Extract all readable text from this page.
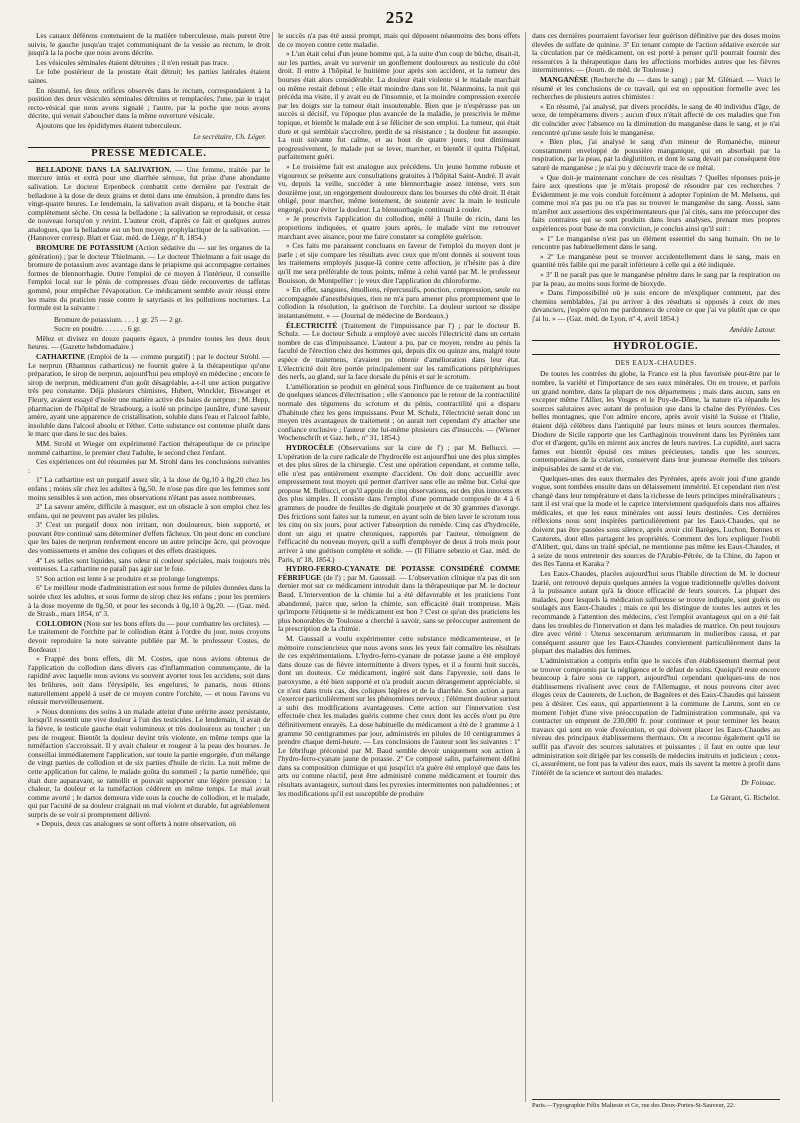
252

Les canaux déférens contenaient de la matière tuberculeuse, mais purent être suivis, le gauche jusqu'au trajet communiquant de la vessie au rectum, le droit jusqu'à la la poche que nous avons décrite.

Les vésicules séminales étaient détruites ; il n'en restait pas trace.

Le lobe postérieur de la prostate était détruit; les parties latérales étaient saines.

En résumé, les deux orifices observés dans le rectum, correspondaient à la position des deux vésicules séminales détruites et remplacées, l'une, par le trajet recto-vésical que nous avons signalé ; l'autre, par la poche que nous avons décrite, qui venait s'aboucher dans la même ouverture vésicale.

Ajoutons que les épididymes étaient tuberculeux.

Le secrétaire, Ch. Léger.
PRESSE MÉDICALE.

BELLADONE DANS LA SALIVATION. — Une femme, traitée par le mercure intùs et extrà pour une diarrhée séreuse, fut prise d'une abondante salivation. Le docteur Erpenbeck combattit cette dernière par l'extrait de belladone à la dose de deux grains et demi dans une émulsion, à prendre dans les vingt-quatre heures. Le lendemain, la salivation avait disparu, et la bouche était complètement sèche. On cessa la belladone ; la salivation se reproduisit, et cessa de nouveau lorsqu'on y revint. L'auteur croit, d'après ce fait et quelques autres analogues, que la belladone est un bon moyen prophylactique de la salivation. — (Hannover corresp. Blatt et Gaz. méd. de Liége, nº 8, 1854.)

BROMURE DE POTASSIUM (Action sédative du — sur les organes de la génération) ; par le docteur Thielmann. — Le docteur Thielmann a fait usage du bromure de potassium avec avantage dans le priapisme qui accompagne certaines formes de blennorrhagie. Outre l'emploi de ce moyen à l'intérieur, il conseille l'emploi local sur le pénis de compresses d'eau tiède recouvertes de taffetas gommé, pour empêcher l'évaporation. Ce médicament semble avoir réussi entre les mains du praticien russe contre le satyriasis et les pollutions nocturnes. La formule est la suivante :

Bromure de potassium. . . . 1 gr. 25 — 2 gr.
Sucre en poudre. . . . . . . 6 gr.

Mêlez et divisez en douze paquets égaux, à prendre toutes les deux deux heures. — (Gazette hebdomadaire.)

CATHARTINE (Emploi de la — comme purgatif) ; par le docteur Strohl. — Le nerprun (Rhamnus catharticus) ne fournit guère à la thérapeutique qu'une préparation, le sirop de nerprun, aujourd'hui peu employé en médecine ; encore le sirop de nerprun, médicament d'un goût désagréable, a-t-il une action purgative très peu constante. Déjà plusieurs chimistes, Hubert, Winckler, Biswanger et Fleury, avaient essayé d'isoler une matière active des baies de nerprun ; M. Hepp, pharmacien de l'hôpital de Strasbourg, a isolé un principe jaunâtre, d'une saveur amère, ayant une apparence de cristallisation, soluble dans l'eau et l'alcool faible, insoluble dans l'alcool absolu et l'éther. Cette substance est contenue plutôt dans le marc que dans le suc des baies.

MM. Strohl et Wieger ont expérimenté l'action thérapeutique de ce principe nommé cathartine, le premier chez l'adulte, le second chez l'enfant.

Ces expériences ont été résumées par M. Strohl dans les conclusions suivantes :

1º La cathartine est un purgatif assez sûr, à la dose de 0g,10 à 0g,20 chez les enfans ; moins sûr chez les adultes à 0g,50. Je n'ose pas dire que les femmes sont moins sensibles à son action, mes observations n'étant pas assez nombreuses.

2º La saveur amère, difficile à masquer, est un obstacle à son emploi chez les enfans, qui ne peuvent pas avaler les pilules.

3º C'est un purgatif doux non irritant, non douloureux, bien supporté, et pouvant être continué sans déterminer d'effets fâcheux. On peut donc en conclure que les baies de nerprun renferment encore un autre principe âcre, qui provoque des vomissemens et amène des coliques et des effets drastiques.

4º Les selles sont liquides, sans odeur ni couleur spéciales, mais toujours très venteuses. La cathartine ne paraît pas agir sur le foie.

5º Son action est lente à se produire et se prolonge longtemps.

6º Le meilleur mode d'administration est sous forme de pilules données dans la soirée chez les adultes, et sous forme de sirop chez les enfans ; pour les premiers à la dose moyenne de 0g,50, et pour les seconds à 0g,10 à 0g,20. — (Gaz. méd. de Strasb., mars 1854, nº 3.

COLLODION (Note sur les bons effets du — pour combattre les orchites). — Le traitement de l'orchite par le collodion étant à l'ordre du jour, nous croyons devoir reproduire la note suivante publiée par M. le professeur Costes, de Bordeaux :

« Frappé des bons effets, dit M. Costes, que nous avions obtenus de l'application du collodion dans divers cas d'inflammation commençante, de la rapidité avec laquelle nous avions vu souvent avorter tous les accidens, soit dans les brûlures, soit dans l'érysipèle, les engelures, le panaris, nous étions naturellement appelé à user de ce moyen contre l'orchite, — et nous l'avons vu réussir merveilleusement.

» Nous donnions des soins à un malade atteint d'une urétrite assez persistante, lorsqu'il ressentit une vive douleur à l'un des testicules. Le lendemain, il avait de la fièvre, le testicule gauche était volumineux et très douloureux au toucher ; un peu de rougeur. Bientôt la douleur devint très violente, en même temps que la tuméfaction s'accroissait. Il y avait chaleur et rougeur à la peau des bourses. Je conseillai immédiatement l'application, sur toute la partie engorgée, d'un mélange de vingt parties de collodion et de six parties d'huile de ricin. La nuit même de cette application fut calme, le malade goûta du sommeil ; la partie tuméfiée, qui était dure auparavant, se ramollit et pouvait supporter une légère pression : la chaleur, la douleur et la tuméfaction cédèrent en même temps. Le mal avait comme avorté ; le dartos demeura vide sous la couche de collodion, et le malade, qui par l'acuité de sa douleur craignait un mal violent et durable, fut agréablement surpris de se voir si promptement délivré.

» Depuis, deux cas analogues se sont offerts à notre observation, où

le succès n'a pas été aussi prompt, mais qui déposent néanmoins des bons effets de ce moyen contre cette maladie.

» L'un était celui d'un jeune homme qui, à la suite d'un coup de bûche, disait-il, sur les parties, avait vu survenir un gonflement douloureux au testicule du côté droit. Il entre à l'hôpital le huitième jour après son accident, et la tumeur des bourses était alors considérable. La douleur était violente si le malade marchait ou même restait debout ; elle était moindre dans son lit. Néanmoins, la nuit qui précéda ma visite, il y avait eu de l'insomnie, et la moindre compression exercée par les doigts sur la tumeur était insoutenable. Bien que je n'espérasse pas un succès si décisif, vu l'époque plus avancée de la maladie, je prescrivis le même topique, et bientôt le malade eut à se féliciter de son emploi. La tumeur, qui était dure et qui semblait s'accroître, perdit de sa résistance ; la douleur fut assoupie. La nuit suivante fut calme, et au bout de quatre jours, tout diminuant progressivement, le malade put se lever, marcher, et bientôt il quitta l'hôpital, parfaitement guéri.

» Le troisième fait est analogue aux précédens. Un jeune homme robuste et vigoureux se présente aux consultations gratuites à l'hôpital Saint-André. Il avait vu, depuis la veille, succéder à une blennorrhagie assez intense, vers son douzième jour, un engorgement douloureux dans les bourses du côté droit. Il était obligé, pour marcher, même lentement, de soutenir avec la main le testicule engorgé, pour éviter la douleur. La blennorrhagie continuait à couler.

» Je prescrivis l'application du collodion, mêlé à l'huile de ricin, dans les proportions indiquées, et quatre jours après, le malade vint me retrouver marchant avec aisance, pour me faire constater sa complète guérison.

» Ces faits me paraissent concluans en faveur de l'emploi du moyen dont je parle ; et sije compare les résultats avec ceux que m'ont donnés si souvent tous les traitemens employés jusque-là contre cette affection, je n'hésite pas à dire qu'il me sera préférable de tous points, même à celui vanté par M. le professeur Bouisson, de Montpellier : je veux dire l'application du chloroforme.

» En effet, sangsues, émolliens, répercussifs, ponction, compression, seule ou accompagnée d'anesthésiques, rien ne m'a paru amener plus promptement que le collodion la résolution, la guérison de l'orchite. La douleur surtout se dissipe instantanément. » — (Journal de médecine de Bordeaux.)

ÉLECTRICITÉ (Traitement de l'impuissance par l') ; par le docteur B. Schulz. — Le docteur Schulz a employé avec succès l'électricité dans un certain nombre de cas d'impuissance. L'auteur a pu, par ce moyen, rendre au pénis la faculté de l'érection chez des hommes qui, depuis dix ou quinze ans, malgré toute espèce de traitemens, n'avaient pu obtenir d'amélioration dans leur état. L'électricité doit être portée principalement sur les ramifications périphériques des nerfs, au gland, sur la face dorsale du pénis et sur le scrotum.

L'amélioration se produit en général sous l'influence de ce traitement au bout de quelques séances d'électrisation ; elle s'annonce par le retour de la contractilité normale des tégumens du scrotum et du pénis, contractilité qui a disparu d'habitude chez les gens impuissans. Pour M. Schulz, l'électricité serait donc un moyen très avantageux de traitement ; on aurait tort cependant d'y attacher une confiance exclusive ; l'auteur cite lui-même plusieurs cas d'insuccès. — (Wiener Wochenschrift et Gaz. heb., nº 31, 1854.)

HYDROCÈLE (Observations sur la cure de l') ; par M. Bellucci. — L'opération de la cure radicale de l'hydrocèle est aujourd'hui une des plus simples et des plus sûres de la chirurgie. C'est une opération cependant, et comme telle, elle n'est pas entièrement exempte d'accident. On doit donc accueillir avec empressement tout moyen qui permet d'arriver sans elle au même but. Celui que propose M. Bellucci, et qu'il appuie de cinq observations, est des plus innocens et des plus simples. Il consiste dans l'emploi d'une pommade composée de 4 à 6 grammes de poudre de feuilles de digitale pourprée et de 30 grammes d'axonge. Des frictions sont faites sur la tumeur, en ayant soin de bien laver le scrotum tous les cinq ou six jours, pour activer l'absorption du remède. Cinq cas d'hydrocèle, dont un aigu et quatre chroniques, rapportés par l'auteur, témoignent de l'efficacité du nouveau moyen, qu'il a suffi d'employer de deux à trois mois pour arriver à une guérison complète et solide. — (Il Filiatre sebezio et Gaz. méd. de Paris, nº 18, 1854.)

HYDRO-FERRO-CYANATE DE POTASSE CONSIDÉRÉ COMME FÉBRIFUGE (de l') ; par M. Gaussail. — L'observation clinique n'a pas dit son dernier mot sur ce médicament introduit dans la thérapeutique par M. le docteur Baud. L'intervention de la chimie lui a été défavorable et les praticiens l'ont abandonné, parce que, selon la chimie, son efficacité était trompeuse. Mais qu'importe l'étiquette si le médicament est bon ? C'est ce qu'un des praticiens les plus honorables de Toulouse a cherché à savoir, sans se préoccuper autrement de la prescription de la chimie.

M. Gaussail a voulu expérimenter cette substance médicamenteuse, et le mémoire consciencieux que nous avons sous les yeux fait connaître les résultats de ces expérimentations. L'hydro-ferro-cyanate de potasse jaune a été employé dans douze cas de fièvre intermittente à divers types, et il a fourni huit succès, dont un douteux. Ce médicament, ingéré soit dans l'apyrexie, soit dans le paroxysme, a été bien supporté et n'a produit aucun dérangement appréciable, si ce n'est dans trois cas, des coliques légères et de la diarrhée. Son action a paru s'exercer particulièrement sur les phénomènes nerveux ; l'élément douleur surtout a subi des modifications avantageuses. Cette action sur l'innervation s'est effectuée chez les malades guéris comme chez ceux dont les accès n'ont pu être définitivement enrayés. La dose habituelle du médicament a été de 1 gramme à 1 gramme 50 centigrammes par jour, administrés en pilules de 10 centigrammes à prendre chaque demi-heure. — Les conclusions de l'auteur sont les suivantes : 1º Le fébrifuge préconisé par M. Baud semble devoir uniquement son action à l'hydro-ferro-cyanate jaune de potasse. 2º Ce composé salin, parfaitement défini dans sa composition chimique et qui jusqu'ici n'a guère été employé que dans les arts ou comme réactif, peut être administré comme médicament et fournir des résultats avantageux, surtout dans les pyrexies intermittentes non paludéennes ; et les modifications qu'il est susceptible de produire

dans ces dernières pourraient favoriser leur guérison définitive par des doses moins élevées de sulfate de quinine. 3º En tenant compte de l'action sédative exercée sur la circulation par ce médicament, on est porté à penser qu'il pourrait fournir des ressources à la thérapeutique dans les affections morbides autres que les fièvres intermittentes. — (Journ. de méd. de Toulouse.)

MANGANÈSE (Recherche du — dans le sang) ; par M. Glénard. — Voici le résumé et les conclusions de ce travail, qui est en opposition formelle avec les recherches de plusieurs autres chimistes :

« En résumé, j'ai analysé, par divers procédés, le sang de 40 individus d'âge, de sexe, de tempéramens divers ; aucun d'eux n'était affecté de ces maladies que l'on dit coïncider avec l'absence ou la diminution du manganèse dans le sang, et je n'ai rencontré qu'une seule fois le manganèse.

» Bien plus, j'ai analysé le sang d'un mineur de Romanèche, mineur constamment enveloppé de poussière manganique, qui en absorbait par la respiration, par la peau, par la déglutition, et dont le sang devait par conséquent être saturé de manganèse ; je n'ai pu y découvrir trace de ce métal.

» Que doit-je maintenant conclure de ces résultats ? Quelles réponses puis-je faire aux questions que je m'étais proposé de résoudre par ces recherches ? Évidemment je me vois conduit forcément à adopter l'opinion de M. Melsens, qui comme moi n'a pas pu ou n'a pas su trouver le manganèse du sang. Aussi, sans m'arrêter aux assertions des expérimentateurs que j'ai cités, sans me préoccuper des faits contraires qui se sont produits dans leurs analyses, prenant mes propres expériences pour base de ma conviction, je conclus ainsi qu'il suit :

» 1º Le manganèse n'est pas un élément essentiel du sang humain. On ne le rencontre pas habituellement dans le sang.

» 2º Le manganèse peut se trouver accidentellement dans le sang, mais en quantité très faible qui me paraît inférieure à celle qui a été indiquée.

» 3º Il ne paraît pas que le manganèse pénètre dans le sang par la respiration ou par la peau, au moins sous forme de bioxyde.

» Dans l'impossibilité où je suis encore de m'expliquer comment, par des chemins semblables, j'ai pu arriver à des résultats si opposés à ceux de mes devanciers, j'espère qu'on me pardonnera de croire ce que j'ai vu plutôt que ce que j'ai lu. » — (Gaz. méd. de Lyon, nº 4, avril 1854.)

Amédée Latour.
HYDROLOGIE.
DES EAUX-CHAUDES.

De toutes les contrées du globe, la France est la plus favorisée peut-être par le nombre, la variété et l'importance de ses eaux minérales. On en trouve, et parfois un grand nombre, dans la plupart de nos départemens ; mais dans aucun, sans en excepter même l'Allier, les Vosges et le Puy-de-Dôme, la nature n'a répandu les sources salutaires avec autant de profusion que dans la chaîne des Pyrénées. Ces belles montagnes, que l'on admire encore, après avoir visité la Suisse et l'Italie, étaient déjà célèbres dans l'antiquité par leurs mines et leurs sources thermales. Diodore de Sicile rapporte que les Carthaginois trouvèrent dans les Pyrénées tant d'or et d'argent, qu'ils en mirent aux ancres de leurs navires. La cupidité, auri sacra fames eut bientôt épuisé ces mines précieuses, tandis que les sources, contemporaines de la création, conservent dans leur jeunesse éternelle des trésors inépuisables de santé et de vie.

Quelques-unes des eaux thermales des Pyrénées, après avoir joui d'une grande vogue, sont tombées ensuite dans un délaissement immérité. Et cependant rien n'est changé dans leur température et dans la richesse de leurs principes minéralisateurs ; tant il est vrai que la mode et le caprice interviennent quelquefois dans nos affaires médicales, et que les eaux minérales ont aussi leurs destinées. Ces dernières réflexions nous sont inspirées particulièrement par les Eaux-Chaudes, qui ne doivent pas être passées sous silence, après avoir cité Barèges, Luchon, Bonnes et Cauterets, dont elles partagent les propriétés. Comment des lors expliquer l'oubli d'Alibert, qui, dans un traité spécial, ne mentionne pas même les Eaux-Chaudes, et à seize de nous entretenir des sources de l'Arabie-Pétrée, de la Chine, du Japon et des îles Tanna et Karaka ?

Les Eaux-Chaudes, placées aujourd'hui sous l'habile direction de M. le docteur Izarié, ont retrouvé depuis quelques années la vogue traditionnelle qu'elles doivent à la puissance autant qu'à la douce efficacité de leurs sources. La plupart des malades, pour lesquels la médication sulfureuse se trouve indiquée, sont guéris ou soulagés aux Eaux-Chaudes ; mais ce qui les distingue de toutes les autres et les recommande à l'attention des médecins, c'est l'emploi avantageux qui en a été fait dans les troubles de l'innervation et dans les maladies de matrice. On peut toujours dire avec vérité : Uterus sexcentarum ærumnarum in mulieribus causa, et par conséquent assurer que les Eaux-Chaudes conviennent particulièrement dans la plupart des maladies des femmes.

L'administration a compris enfin que le succès d'un établissement thermal peut se trouver compromis par la négligence et le défaut de soins. Quoiqu'il reste encore beaucoup à faire sous ce rapport, aujourd'hui cependant quelques-uns de nos établissemens rivalisent avec ceux de l'Allemagne, et nous pouvons citer avec éloges ceux de Cauterets, de Luchon, de Bagnères et des Eaux-Chaudes qui laissent peu à désirer. Ces eaux, qui appartiennent à la commune de Laruns, sont en ce moment l'objet d'une vive préoccupation de l'administration communale, qui va contracter un emprunt de 230,000 fr. pour continuer et pour terminer les beaux travaux qui sont en voie d'exécution, et qui doivent placer les Eaux-Chaudes au niveau des principaux établissemens thermaux. On a reconnu également qu'il ne suffit pas d'avoir des sources salutaires et puissantes ; il faut en outre que leur administration soit dirigée par les conseils de médecins instruits et judicieux ; ceux-ci, assurément, ne font pas la valeur des eaux, mais ils savent la mettre à profit dans l'intérêt de la science et surtout des malades.

Dr Foissac.
Le Gérant, G. Richelot.
Paris.—Typographie Félix Malteste et Ce, rue des Deux-Portes-St-Sauveur, 22.
